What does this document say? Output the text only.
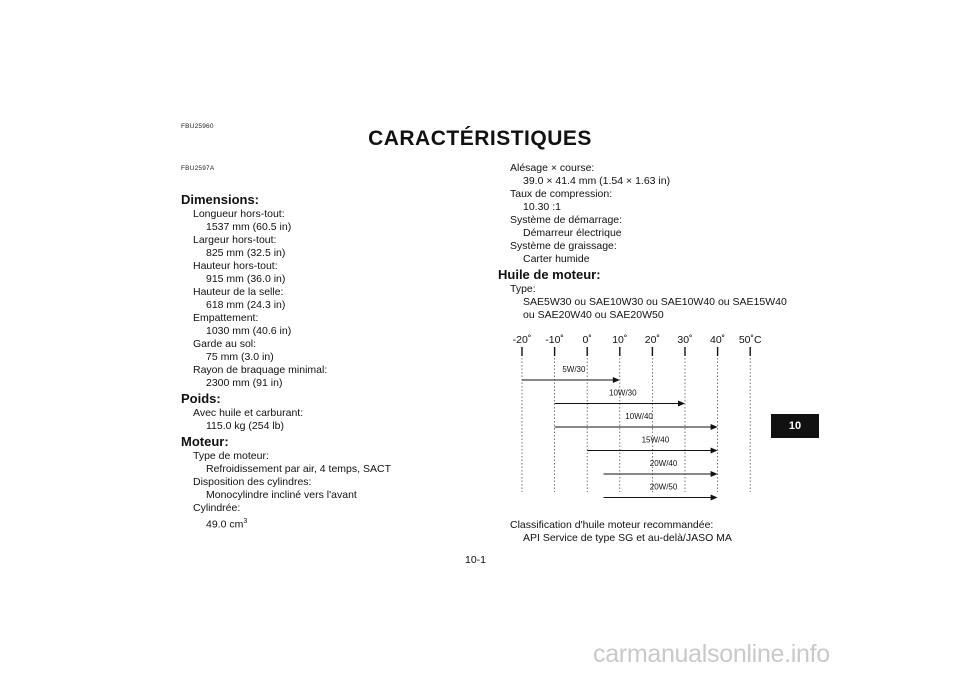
FBU25960
CARACTÉRISTIQUES
FBU2597A
Dimensions:
Longueur hors-tout:
1537 mm (60.5 in)
Largeur hors-tout:
825 mm (32.5 in)
Hauteur hors-tout:
915 mm (36.0 in)
Hauteur de la selle:
618 mm (24.3 in)
Empattement:
1030 mm (40.6 in)
Garde au sol:
75 mm (3.0 in)
Rayon de braquage minimal:
2300 mm (91 in)
Poids:
Avec huile et carburant:
115.0 kg (254 lb)
Moteur:
Type de moteur:
Refroidissement par air, 4 temps, SACT
Disposition des cylindres:
Monocylindre incliné vers l'avant
Cylindrée:
49.0 $cm^3$
Alésage × course:
39.0 × 41.4 mm (1.54 × 1.63 in)
Taux de compression:
10.30 :1
Système de démarrage:
Démarreur électrique
Système de graissage:
Carter humide
Huile de moteur:
Type:
SAE5W30 ou SAE10W30 ou SAE10W40 ou SAE15W40
ou SAE20W40 ou SAE20W50
-20˚ -10˚ 0˚ 10˚ 20˚ 30˚ 40˚ 50˚C
5W/30
10W/30
10W/40
15W/40
20W/40
20W/50
Classification d'huile moteur recommandée:
API Service de type SG et au-delà/JASO MA
10
10-1
carmanualsonline.info
